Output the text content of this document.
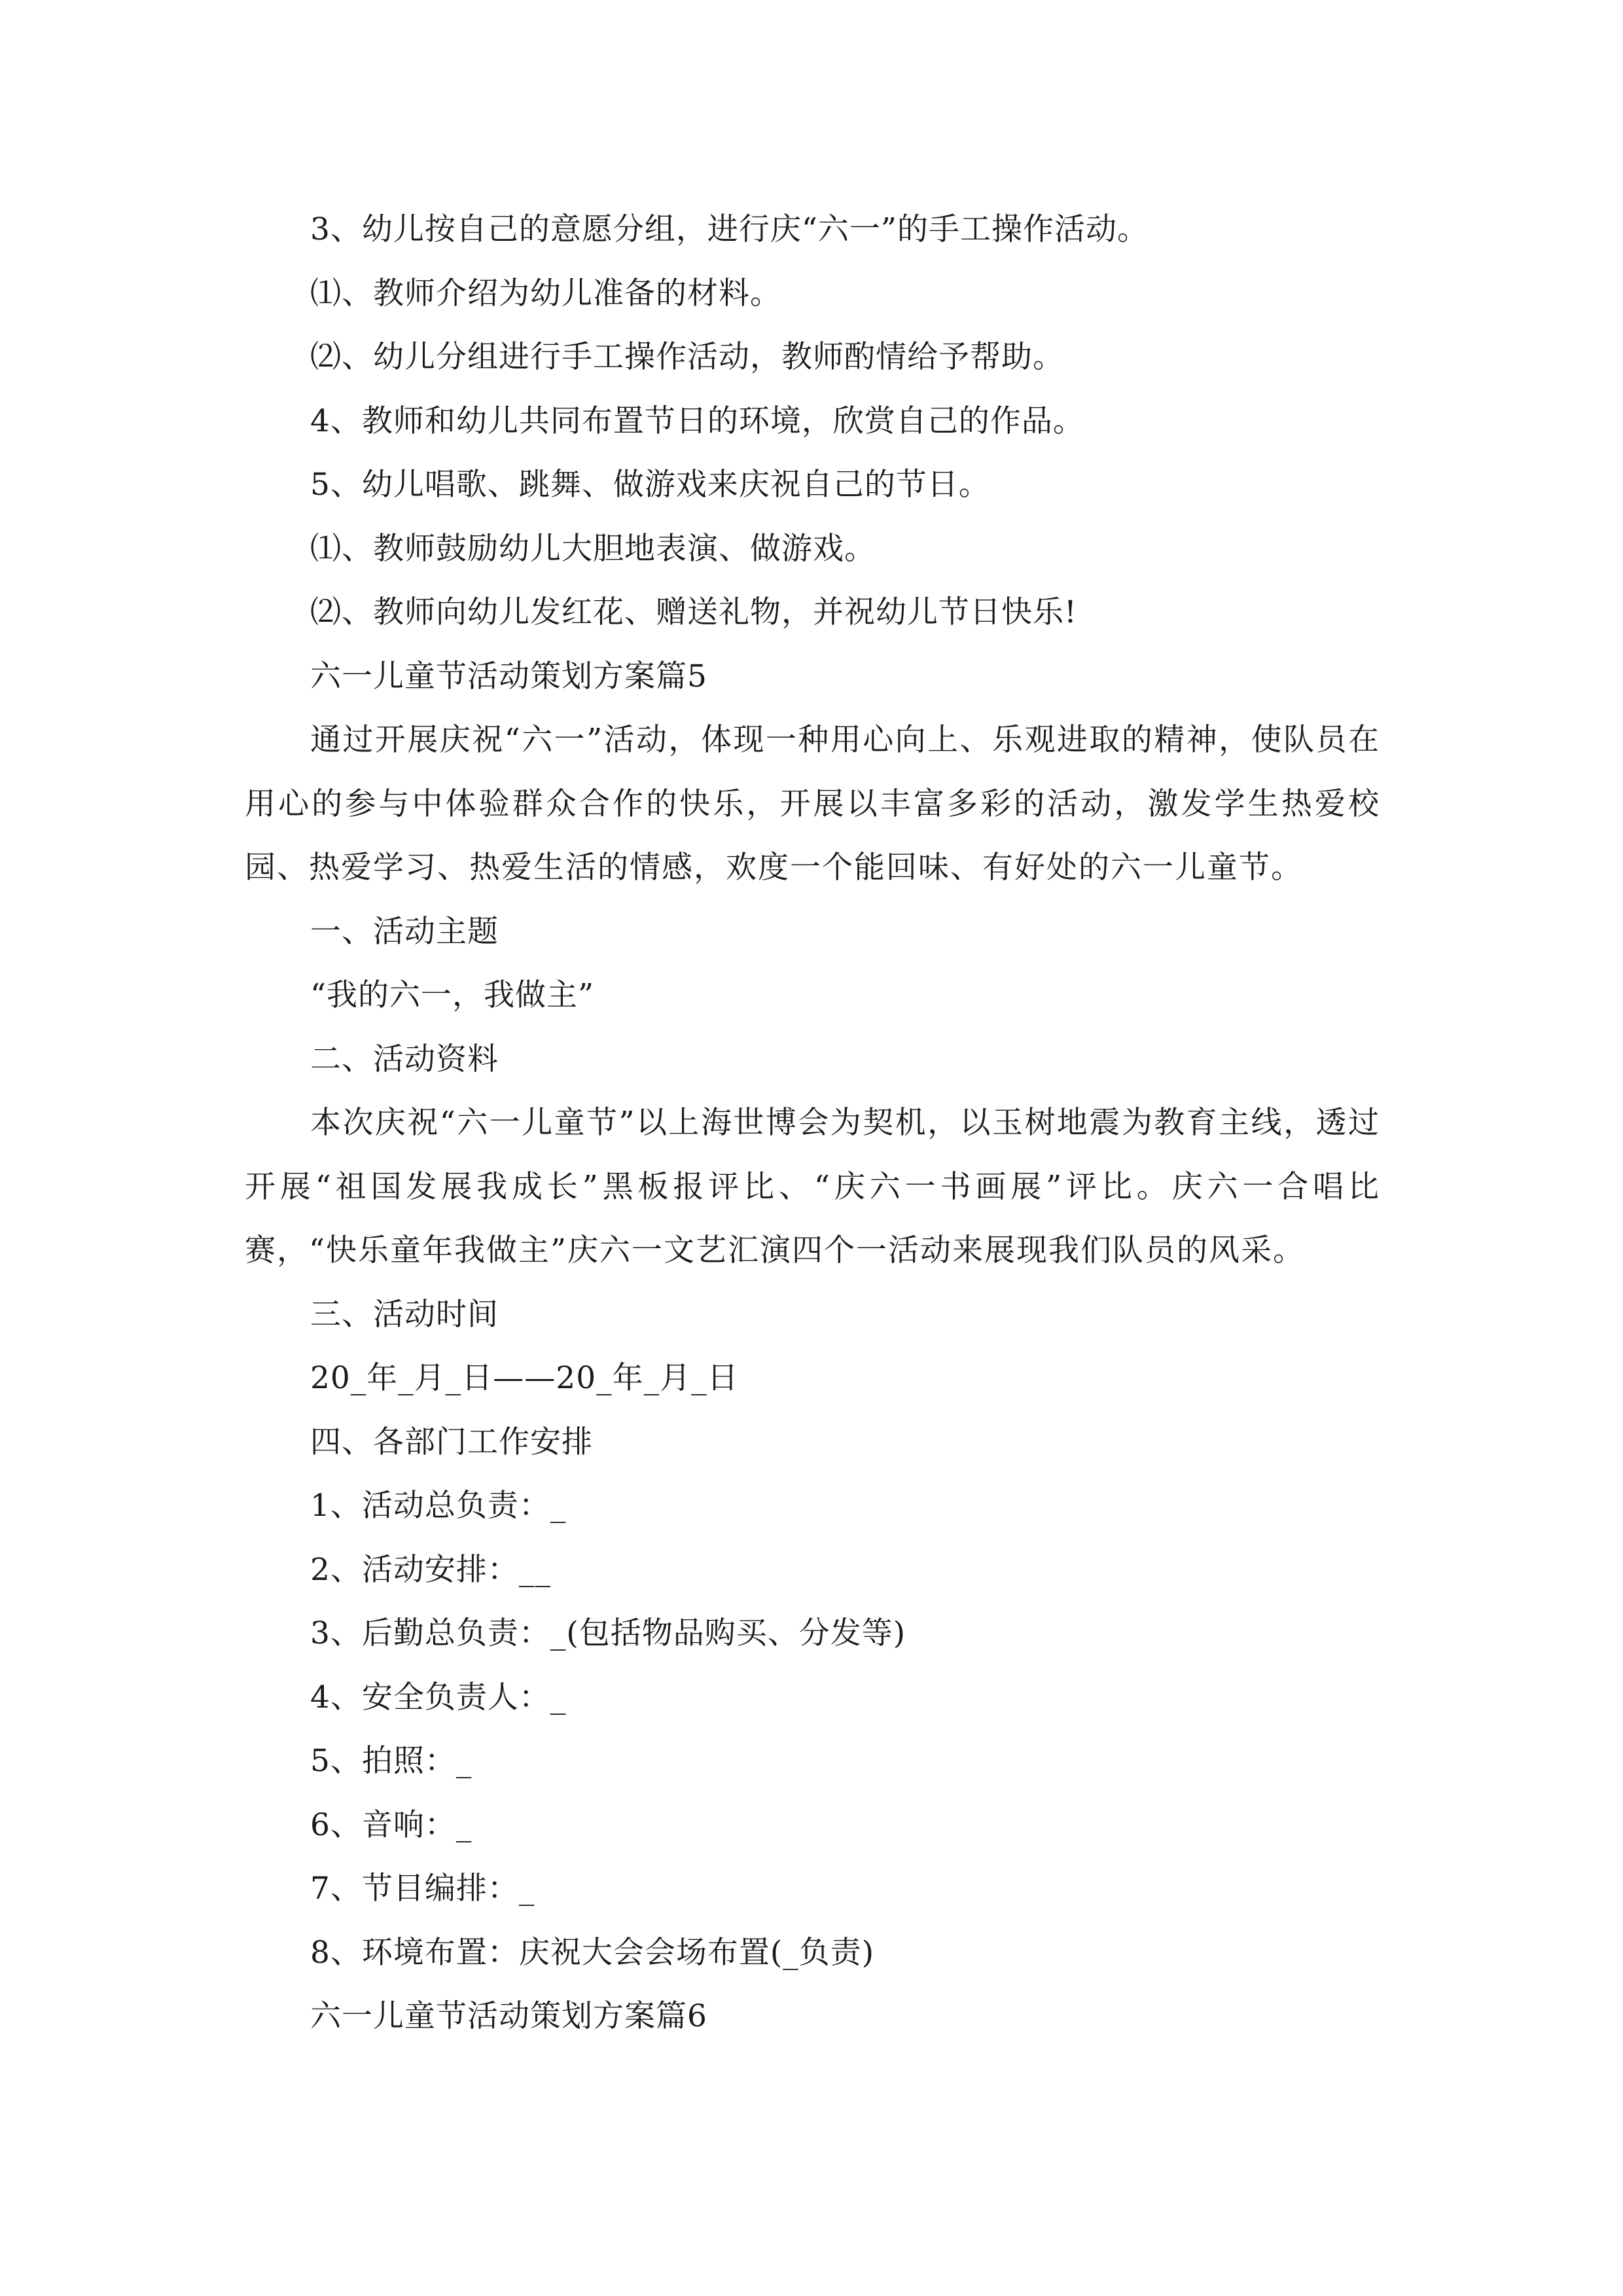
3、幼儿按自己的意愿分组，进行庆“六一”的手工操作活动。
⑴、教师介绍为幼儿准备的材料。
⑵、幼儿分组进行手工操作活动，教师酌情给予帮助。
4、教师和幼儿共同布置节日的环境，欣赏自己的作品。
5、幼儿唱歌、跳舞、做游戏来庆祝自己的节日。
⑴、教师鼓励幼儿大胆地表演、做游戏。
⑵、教师向幼儿发红花、赠送礼物，并祝幼儿节日快乐!
六一儿童节活动策划方案篇5
通过开展庆祝“六一”活动，体现一种用心向上、乐观进取的精神，使队员在用心的参与中体验群众合作的快乐，开展以丰富多彩的活动，激发学生热爱校园、热爱学习、热爱生活的情感，欢度一个能回味、有好处的六一儿童节。
一、活动主题
“我的六一，我做主”
二、活动资料
本次庆祝“六一儿童节”以上海世博会为契机，以玉树地震为教育主线，透过开展“祖国发展我成长”黑板报评比、“庆六一书画展”评比。庆六一合唱比赛，“快乐童年我做主”庆六一文艺汇演四个一活动来展现我们队员的风采。
三、活动时间
20_年_月_日——20_年_月_日
四、各部门工作安排
1、活动总负责：_
2、活动安排：__
3、后勤总负责：_(包括物品购买、分发等)
4、安全负责人：_
5、拍照：_
6、音响：_
7、节目编排：_
8、环境布置：庆祝大会会场布置(_负责)
六一儿童节活动策划方案篇6
